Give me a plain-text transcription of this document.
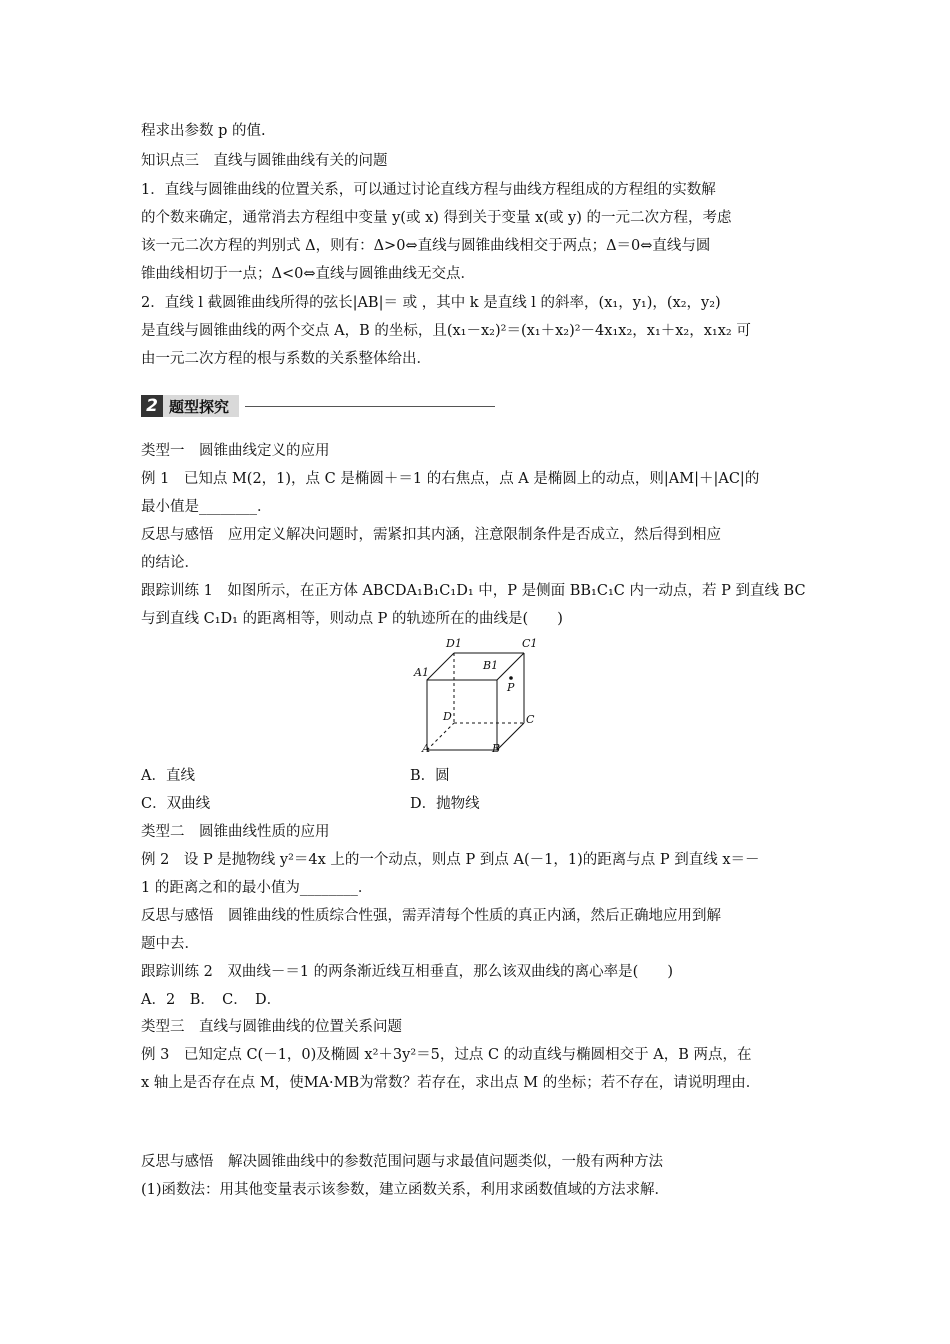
程求出参数 p 的值.
知识点三　直线与圆锥曲线有关的问题
1．直线与圆锥曲线的位置关系，可以通过讨论直线方程与曲线方程组成的方程组的实数解
的个数来确定，通常消去方程组中变量 y(或 x) 得到关于变量 x(或 y) 的一元二次方程，考虑
该一元二次方程的判别式 Δ，则有：Δ>0⇔直线与圆锥曲线相交于两点；Δ＝0⇔直线与圆
锥曲线相切于一点；Δ<0⇔直线与圆锥曲线无交点．
2．直线 l 截圆锥曲线所得的弦长|AB|＝ 或 ，其中 k 是直线 l 的斜率，(x₁，y₁)，(x₂，y₂)
是直线与圆锥曲线的两个交点 A，B 的坐标，且(x₁－x₂)²＝(x₁＋x₂)²－4x₁x₂，x₁＋x₂，x₁x₂ 可
由一元二次方程的根与系数的关系整体给出．
2 题型探究
类型一　圆锥曲线定义的应用
例 1　已知点 M(2，1)，点 C 是椭圆＋＝1 的右焦点，点 A 是椭圆上的动点，则|AM|＋|AC|的
最小值是________．
反思与感悟　应用定义解决问题时，需紧扣其内涵，注意限制条件是否成立，然后得到相应
的结论．
跟踪训练 1　如图所示，在正方体 ABCDA₁B₁C₁D₁ 中，P 是侧面 BB₁C₁C 内一动点，若 P 到直线 BC
与到直线 C₁D₁ 的距离相等，则动点 P 的轨迹所在的曲线是(　　)
D1	C1
A1
B1
P
D	C
A	B
A．直线	B．圆
C．双曲线	D．抛物线
类型二　圆锥曲线性质的应用
例 2　设 P 是抛物线 y²＝4x 上的一个动点，则点 P 到点 A(－1，1)的距离与点 P 到直线 x＝－
1 的距离之和的最小值为________．
反思与感悟　圆锥曲线的性质综合性强，需弄清每个性质的真正内涵，然后正确地应用到解
题中去．
跟踪训练 2　双曲线－＝1 的两条渐近线互相垂直，那么该双曲线的离心率是(　　)
A．2　B．　C．　D．
类型三　直线与圆锥曲线的位置关系问题
例 3　已知定点 C(－1，0)及椭圆 x²＋3y²＝5，过点 C 的动直线与椭圆相交于 A，B 两点，在
x 轴上是否存在点 M，使MA·MB为常数？若存在，求出点 M 的坐标；若不存在，请说明理由．
反思与感悟　解决圆锥曲线中的参数范围问题与求最值问题类似，一般有两种方法
(1)函数法：用其他变量表示该参数，建立函数关系，利用求函数值域的方法求解．
